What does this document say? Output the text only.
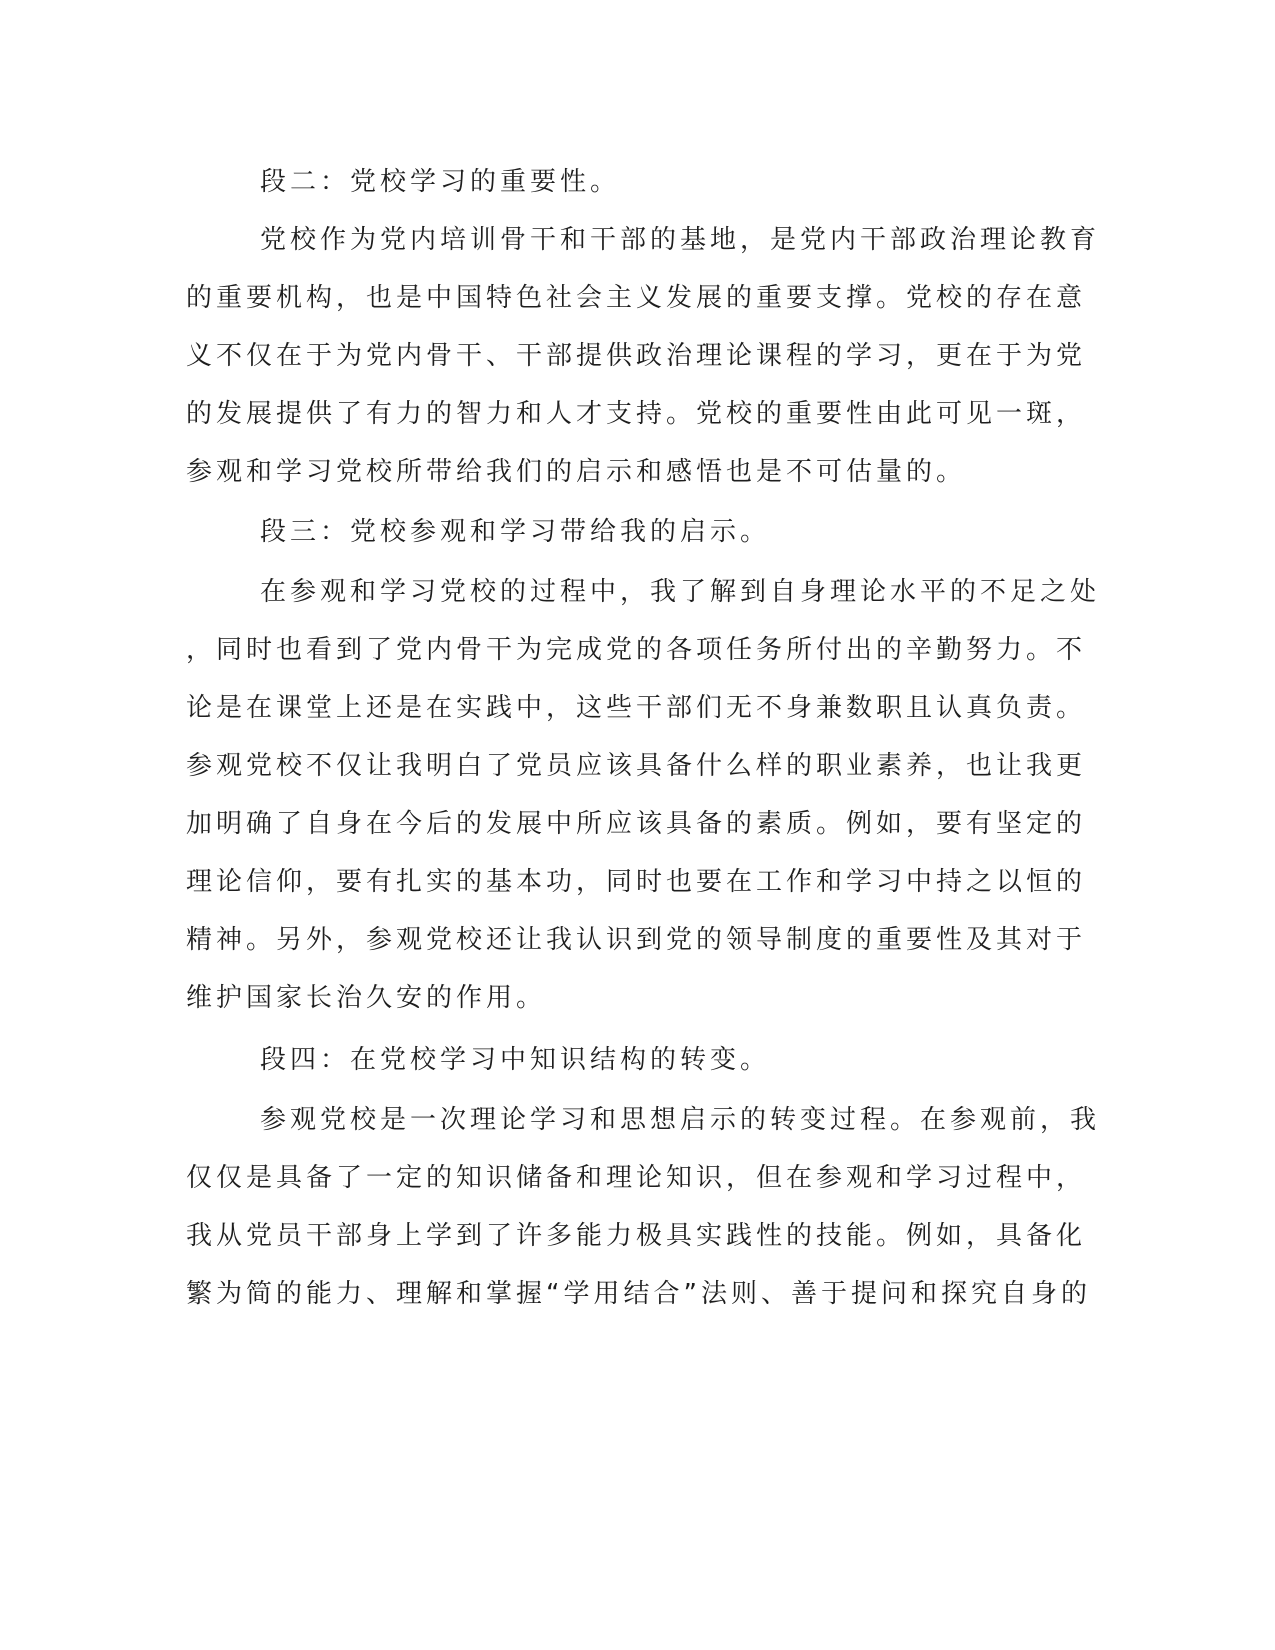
段二：党校学习的重要性。

党校作为党内培训骨干和干部的基地，是党内干部政治理论教育

的重要机构，也是中国特色社会主义发展的重要支撑。党校的存在意

义不仅在于为党内骨干、干部提供政治理论课程的学习，更在于为党

的发展提供了有力的智力和人才支持。党校的重要性由此可见一斑，

参观和学习党校所带给我们的启示和感悟也是不可估量的。

段三：党校参观和学习带给我的启示。

在参观和学习党校的过程中，我了解到自身理论水平的不足之处

，同时也看到了党内骨干为完成党的各项任务所付出的辛勤努力。不

论是在课堂上还是在实践中，这些干部们无不身兼数职且认真负责。

参观党校不仅让我明白了党员应该具备什么样的职业素养，也让我更

加明确了自身在今后的发展中所应该具备的素质。例如，要有坚定的

理论信仰，要有扎实的基本功，同时也要在工作和学习中持之以恒的

精神。另外，参观党校还让我认识到党的领导制度的重要性及其对于

维护国家长治久安的作用。

段四：在党校学习中知识结构的转变。

参观党校是一次理论学习和思想启示的转变过程。在参观前，我

仅仅是具备了一定的知识储备和理论知识，但在参观和学习过程中，

我从党员干部身上学到了许多能力极具实践性的技能。例如，具备化

繁为简的能力、理解和掌握“学用结合”法则、善于提问和探究自身的
